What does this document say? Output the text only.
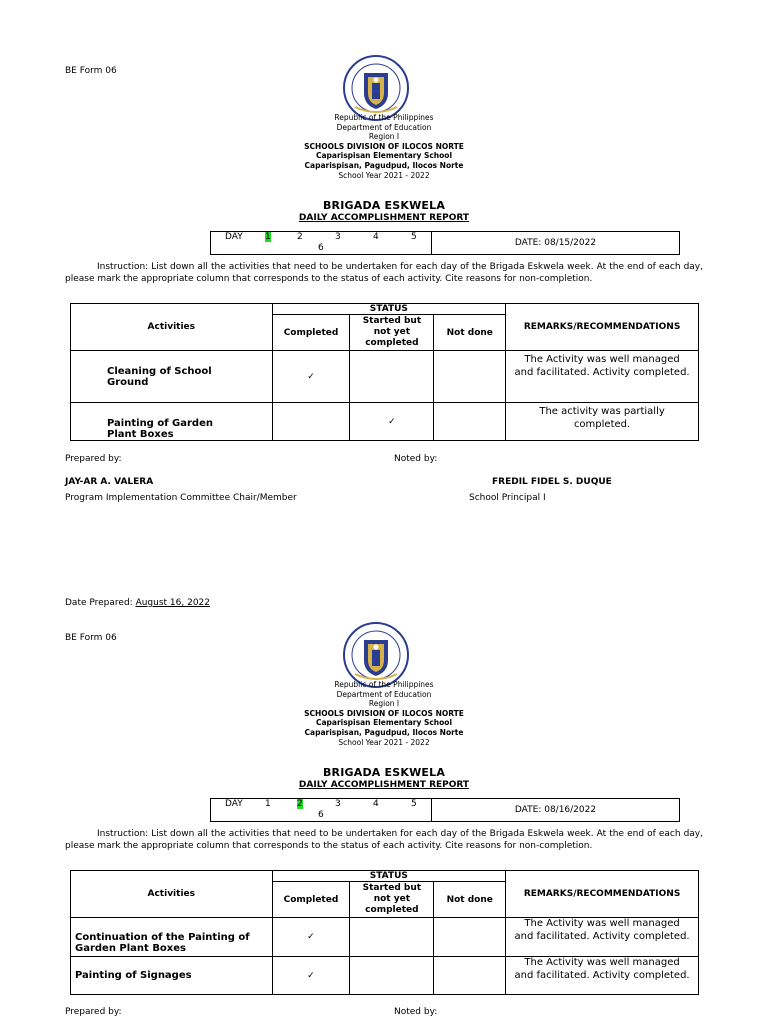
BE Form 06
Republic of the Philippines
Department of Education
Region I
SCHOOLS DIVISION OF ILOCOS NORTE
Caparispisan Elementary School
Caparispisan, Pagudpud, Ilocos Norte
School Year 2021 - 2022
BRIGADA ESKWELA
DAILY ACCOMPLISHMENT REPORT
DAY 1	2	3	4	5
6	DATE: 08/15/2022
Instruction: List down all the activities that need to be undertaken for each day of the Brigada Eskwela week. At the end of each day, please mark the appropriate column that corresponds to the status of each activity. Cite reasons for non-completion.
Activities	STATUS			REMARKS/RECOMMENDATIONS
	Completed	Started but not yet completed	Not done	
Cleaning of School Ground	✓			The Activity was well managed and facilitated. Activity completed.
Painting of Garden Plant Boxes		✓		The activity was partially completed.
Prepared by:	Noted by:
JAY-AR A. VALERA	FREDIL FIDEL S. DUQUE
Program Implementation Committee Chair/Member	School Principal I
Date Prepared: August 16, 2022
BE Form 06
Republic of the Philippines
Department of Education
Region I
SCHOOLS DIVISION OF ILOCOS NORTE
Caparispisan Elementary School
Caparispisan, Pagudpud, Ilocos Norte
School Year 2021 - 2022
BRIGADA ESKWELA
DAILY ACCOMPLISHMENT REPORT
DAY 1	2	3	4	5
6	DATE: 08/16/2022
Instruction: List down all the activities that need to be undertaken for each day of the Brigada Eskwela week. At the end of each day, please mark the appropriate column that corresponds to the status of each activity. Cite reasons for non-completion.
Activities	STATUS			REMARKS/RECOMMENDATIONS
	Completed	Started but not yet completed	Not done	
Continuation of the Painting of Garden Plant Boxes	✓			The Activity was well managed and facilitated. Activity completed.
Painting of Signages	✓			The Activity was well managed and facilitated. Activity completed.
Prepared by:	Noted by:
